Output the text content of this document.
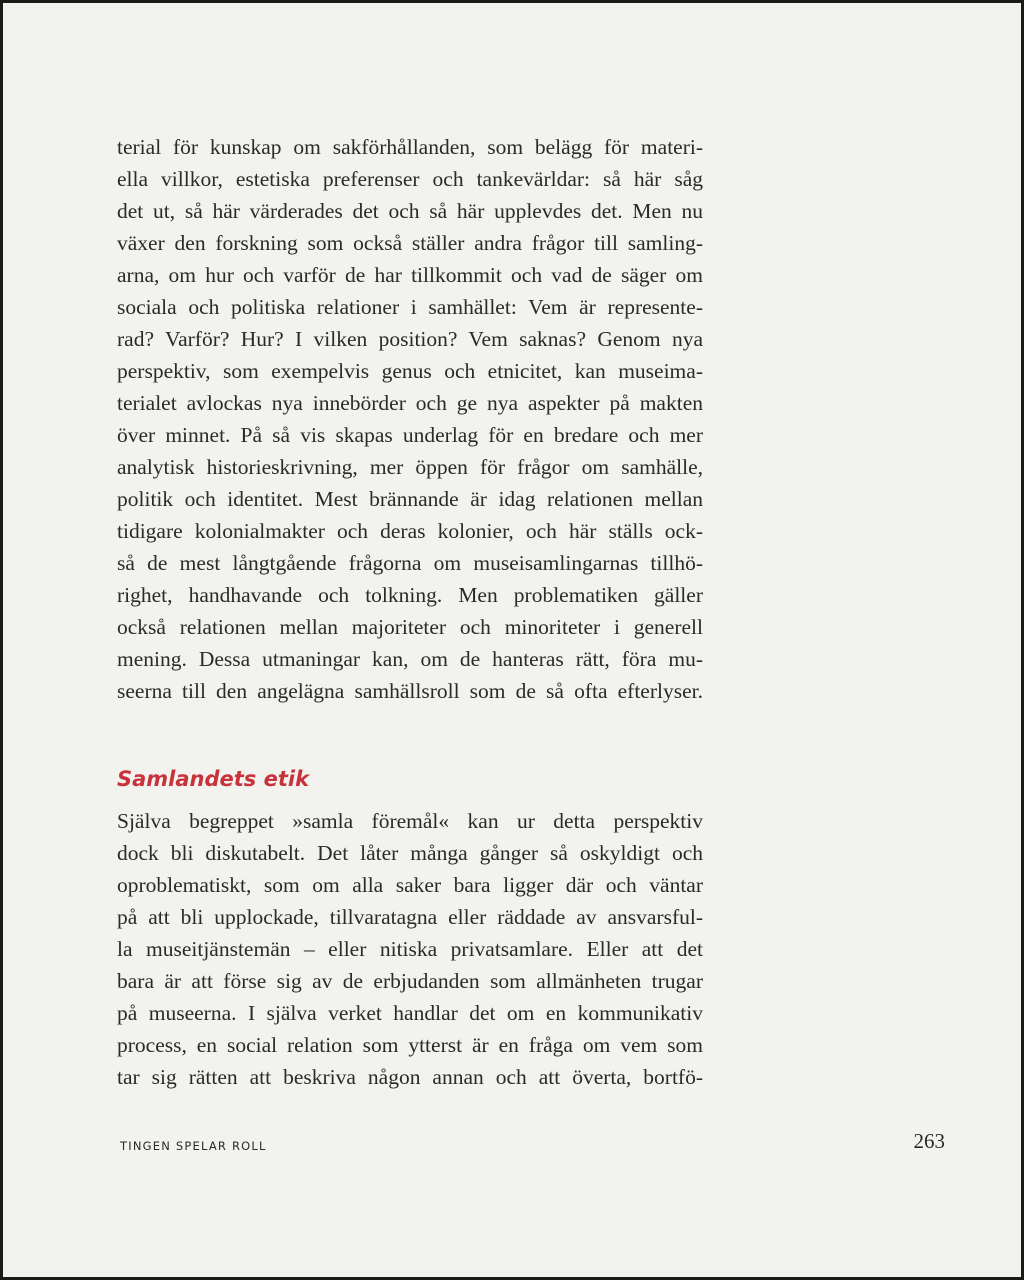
terial för kunskap om sakförhållanden, som belägg för materi-

ella villkor, estetiska preferenser och tankevärldar: så här såg

det ut, så här värderades det och så här upplevdes det. Men nu

växer den forskning som också ställer andra frågor till samling-

arna, om hur och varför de har tillkommit och vad de säger om

sociala och politiska relationer i samhället: Vem är represente-

rad? Varför? Hur? I vilken position? Vem saknas? Genom nya

perspektiv, som exempelvis genus och etnicitet, kan museima-

terialet avlockas nya innebörder och ge nya aspekter på makten

över minnet. På så vis skapas underlag för en bredare och mer

analytisk historieskrivning, mer öppen för frågor om samhälle,

politik och identitet. Mest brännande är idag relationen mellan

tidigare kolonialmakter och deras kolonier, och här ställs ock-

så de mest långtgående frågorna om museisamlingarnas tillhö-

righet, handhavande och tolkning. Men problematiken gäller

också relationen mellan majoriteter och minoriteter i generell

mening. Dessa utmaningar kan, om de hanteras rätt, föra mu-

seerna till den angelägna samhällsroll som de så ofta efterlyser.

Samlandets etik

Själva begreppet »samla föremål« kan ur detta perspektiv

dock bli diskutabelt. Det låter många gånger så oskyldigt och

oproblematiskt, som om alla saker bara ligger där och väntar

på att bli upplockade, tillvaratagna eller räddade av ansvarsful-

la museitjänstemän – eller nitiska privatsamlare. Eller att det

bara är att förse sig av de erbjudanden som allmänheten trugar

på museerna. I själva verket handlar det om en kommunikativ

process, en social relation som ytterst är en fråga om vem som

tar sig rätten att beskriva någon annan och att överta, bortfö-

TINGEN SPELAR ROLL	263
